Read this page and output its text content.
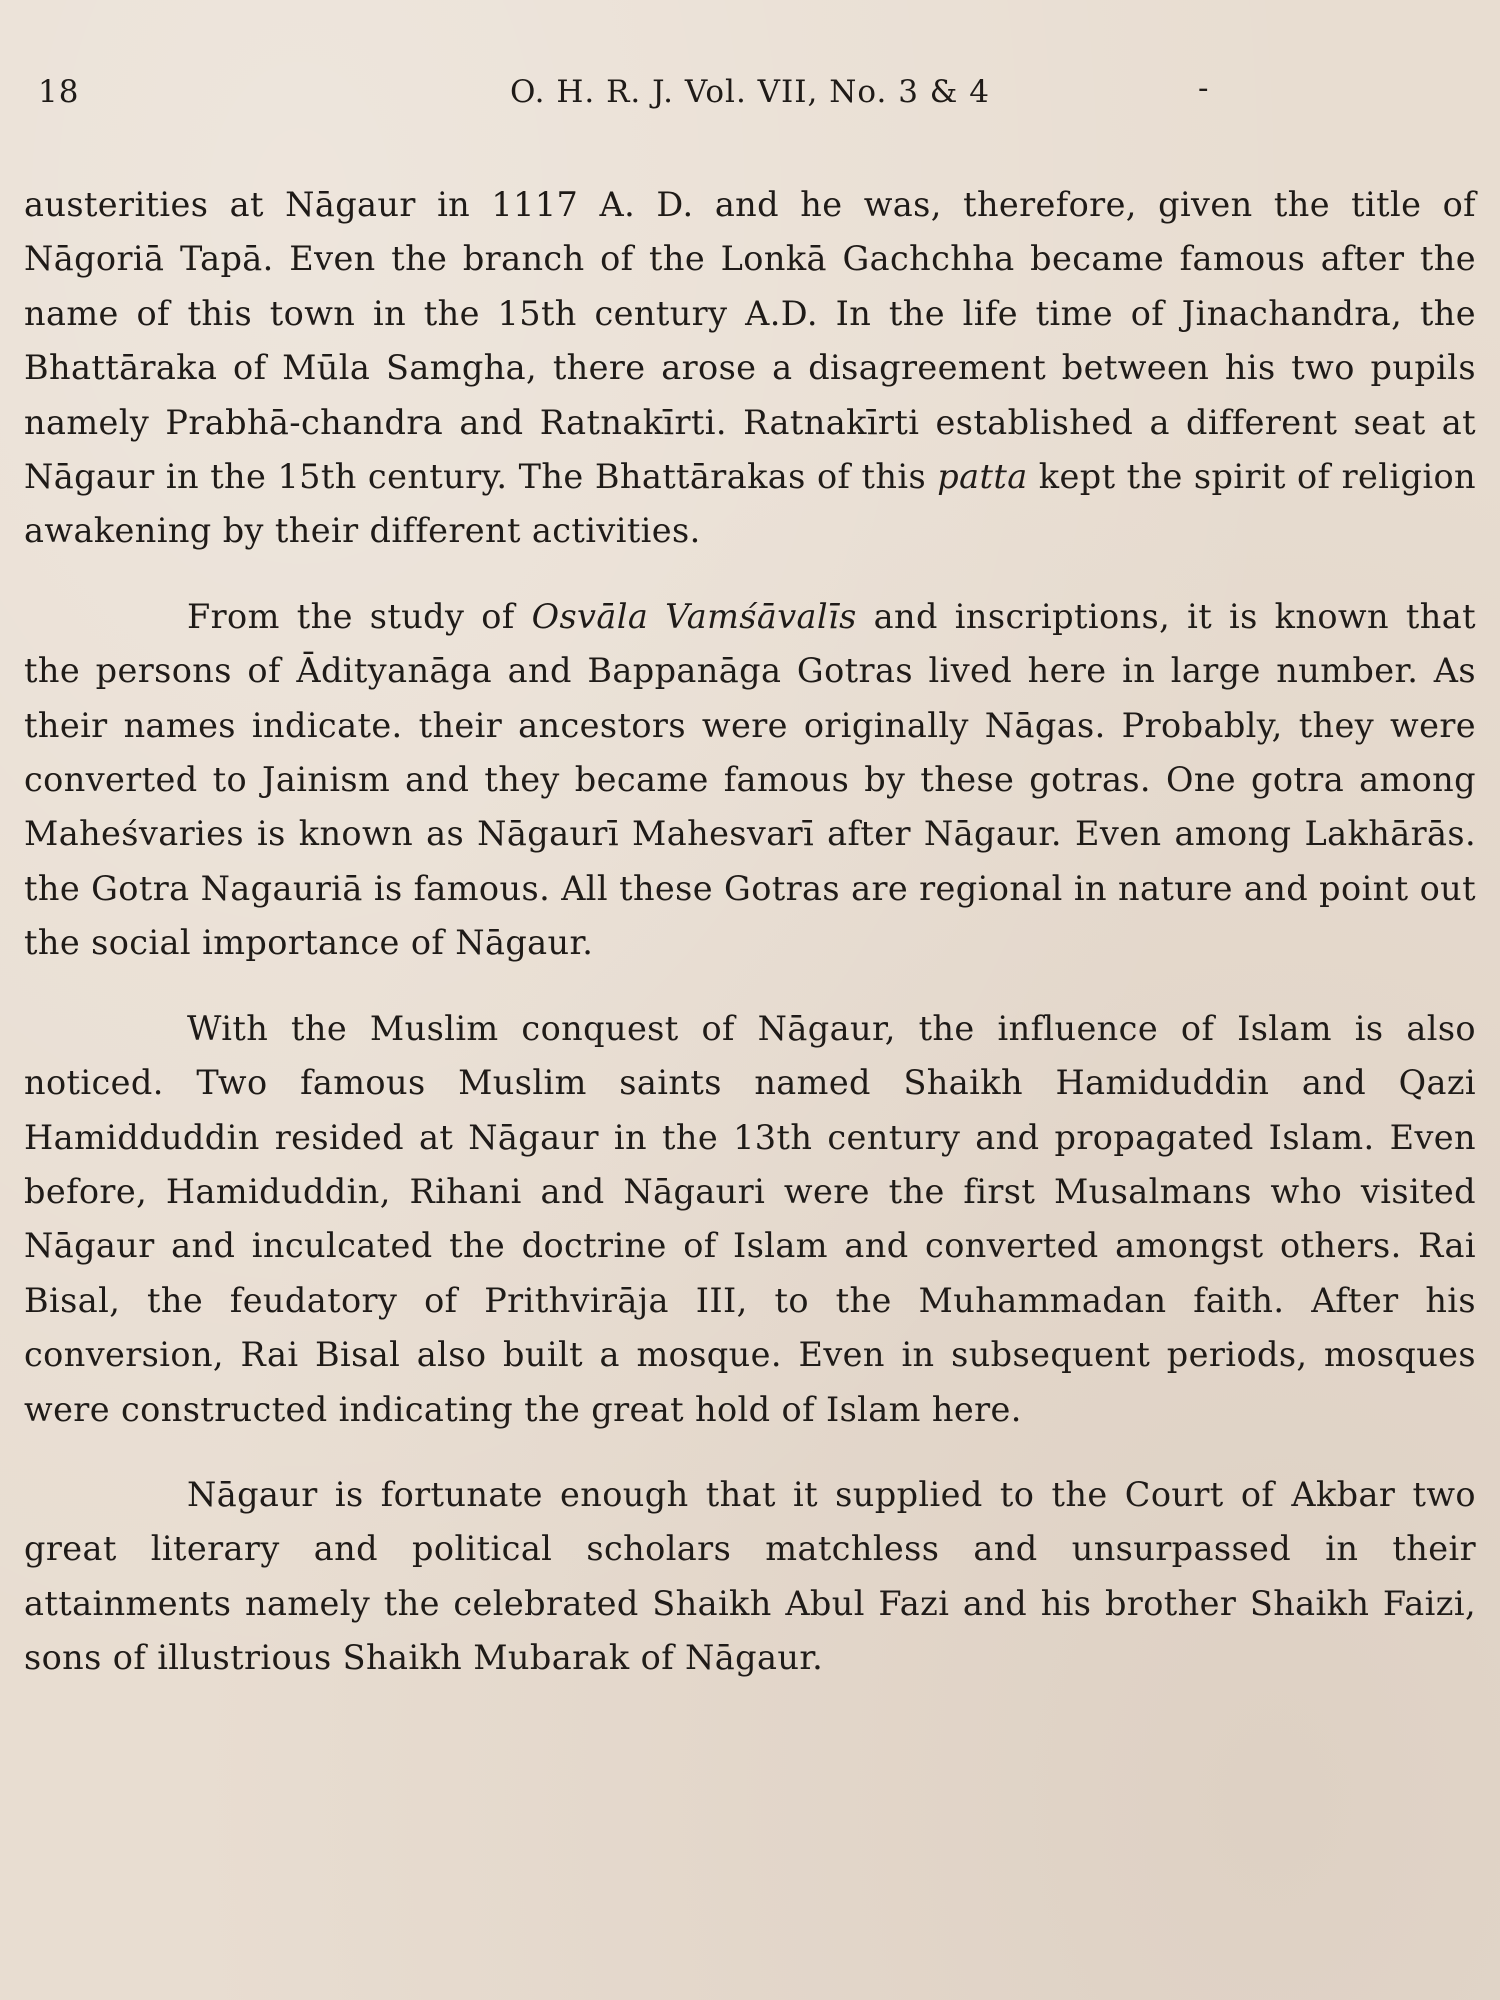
18	O. H. R. J. Vol. VII, No. 3 & 4	-

austerities at Nāgaur in 1117 A. D. and he was, therefore, given the title of Nāgoriā Tapā. Even the branch of the Lonkā Gachchha became famous after the name of this town in the 15th century A.D. In the life time of Jinachandra, the Bhattāraka of Mūla Samgha, there arose a disagreement between his two pupils namely Prabhā-chandra and Ratnakīrti. Ratnakīrti established a different seat at Nāgaur in the 15th century. The Bhattārakas of this patta kept the spirit of religion awakening by their different activities.

From the study of Osvāla Vamśāvalīs and inscriptions, it is known that the persons of Ādityanāga and Bappanāga Gotras lived here in large number. As their names indicate. their ancestors were originally Nāgas. Probably, they were converted to Jainism and they became famous by these gotras. One gotra among Maheśvaries is known as Nāgaurī Mahesvarī after Nāgaur. Even among Lakhārās. the Gotra Nagauriā is famous. All these Gotras are regional in nature and point out the social importance of Nāgaur.

With the Muslim conquest of Nāgaur, the influence of Islam is also noticed. Two famous Muslim saints named Shaikh Hamiduddin and Qazi Hamidduddin resided at Nāgaur in the 13th century and propagated Islam. Even before, Hamiduddin, Rihani and Nāgauri were the first Musalmans who visited Nāgaur and inculcated the doctrine of Islam and converted amongst others. Rai Bisal, the feudatory of Prithvirāja III, to the Muhammadan faith. After his conversion, Rai Bisal also built a mosque. Even in subsequent periods, mosques were constructed indicating the great hold of Islam here.

Nāgaur is fortunate enough that it supplied to the Court of Akbar two great literary and political scholars matchless and unsurpassed in their attainments namely the celebrated Shaikh Abul Fazi and his brother Shaikh Faizi, sons of illustrious Shaikh Mubarak of Nāgaur.
